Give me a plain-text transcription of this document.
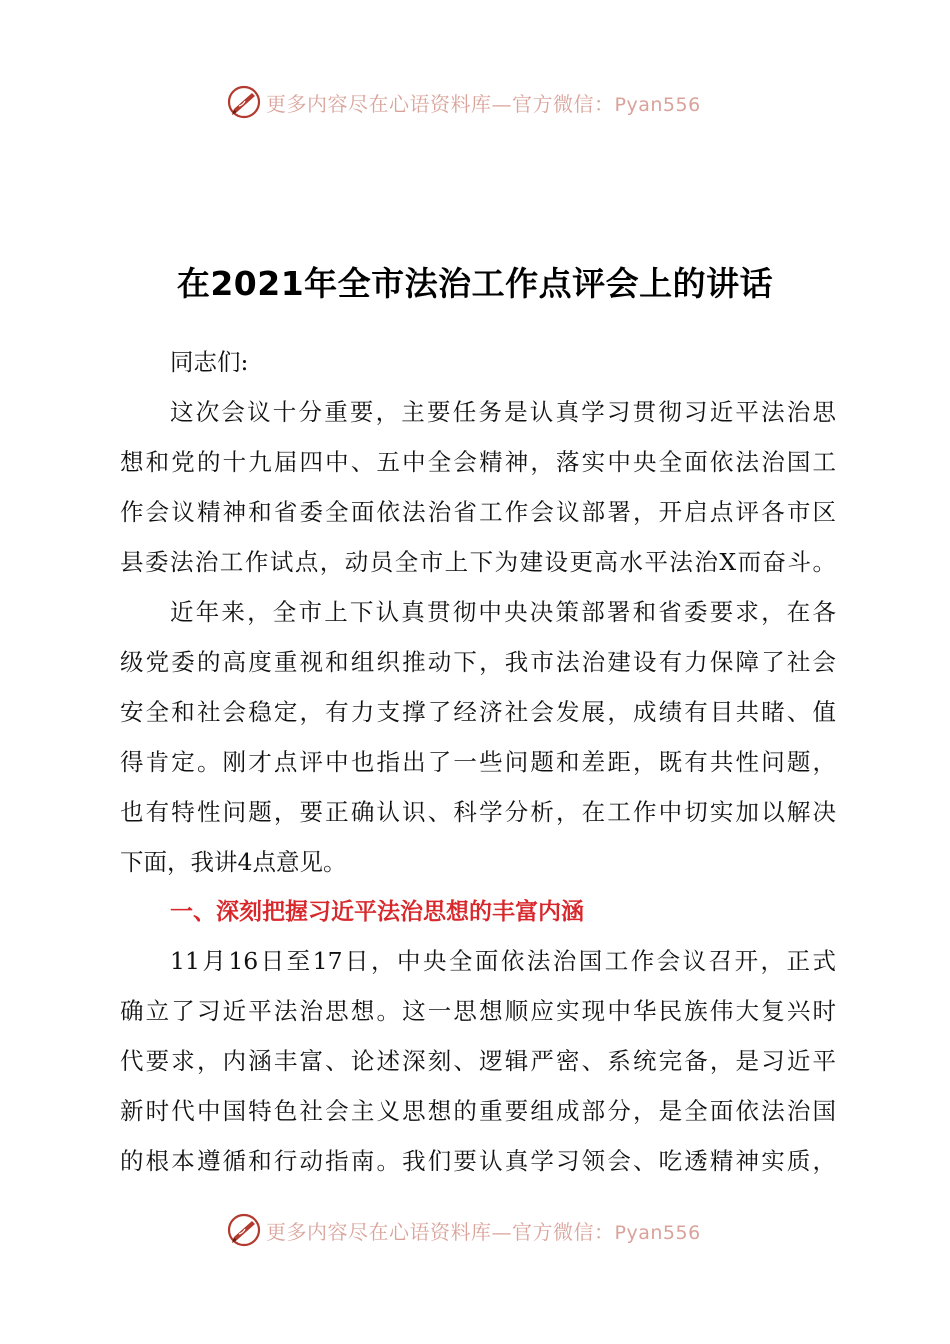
更多内容尽在心语资料库—官方微信：Pyan556
在2021年全市法治工作点评会上的讲话
同志们:
这次会议十分重要，主要任务是认真学习贯彻习近平法治思
想和党的十九届四中、五中全会精神，落实中央全面依法治国工
作会议精神和省委全面依法治省工作会议部署，开启点评各市区
县委法治工作试点，动员全市上下为建设更高水平法治X而奋斗。
近年来，全市上下认真贯彻中央决策部署和省委要求，在各
级党委的高度重视和组织推动下，我市法治建设有力保障了社会
安全和社会稳定，有力支撑了经济社会发展，成绩有目共睹、值
得肯定。刚才点评中也指出了一些问题和差距，既有共性问题，
也有特性问题，要正确认识、科学分析，在工作中切实加以解决
下面，我讲4点意见。
一、深刻把握习近平法治思想的丰富内涵
11月16日至17日，中央全面依法治国工作会议召开，正式
确立了习近平法治思想。这一思想顺应实现中华民族伟大复兴时
代要求，内涵丰富、论述深刻、逻辑严密、系统完备，是习近平
新时代中国特色社会主义思想的重要组成部分，是全面依法治国
的根本遵循和行动指南。我们要认真学习领会、吃透精神实质，
更多内容尽在心语资料库—官方微信：Pyan556
